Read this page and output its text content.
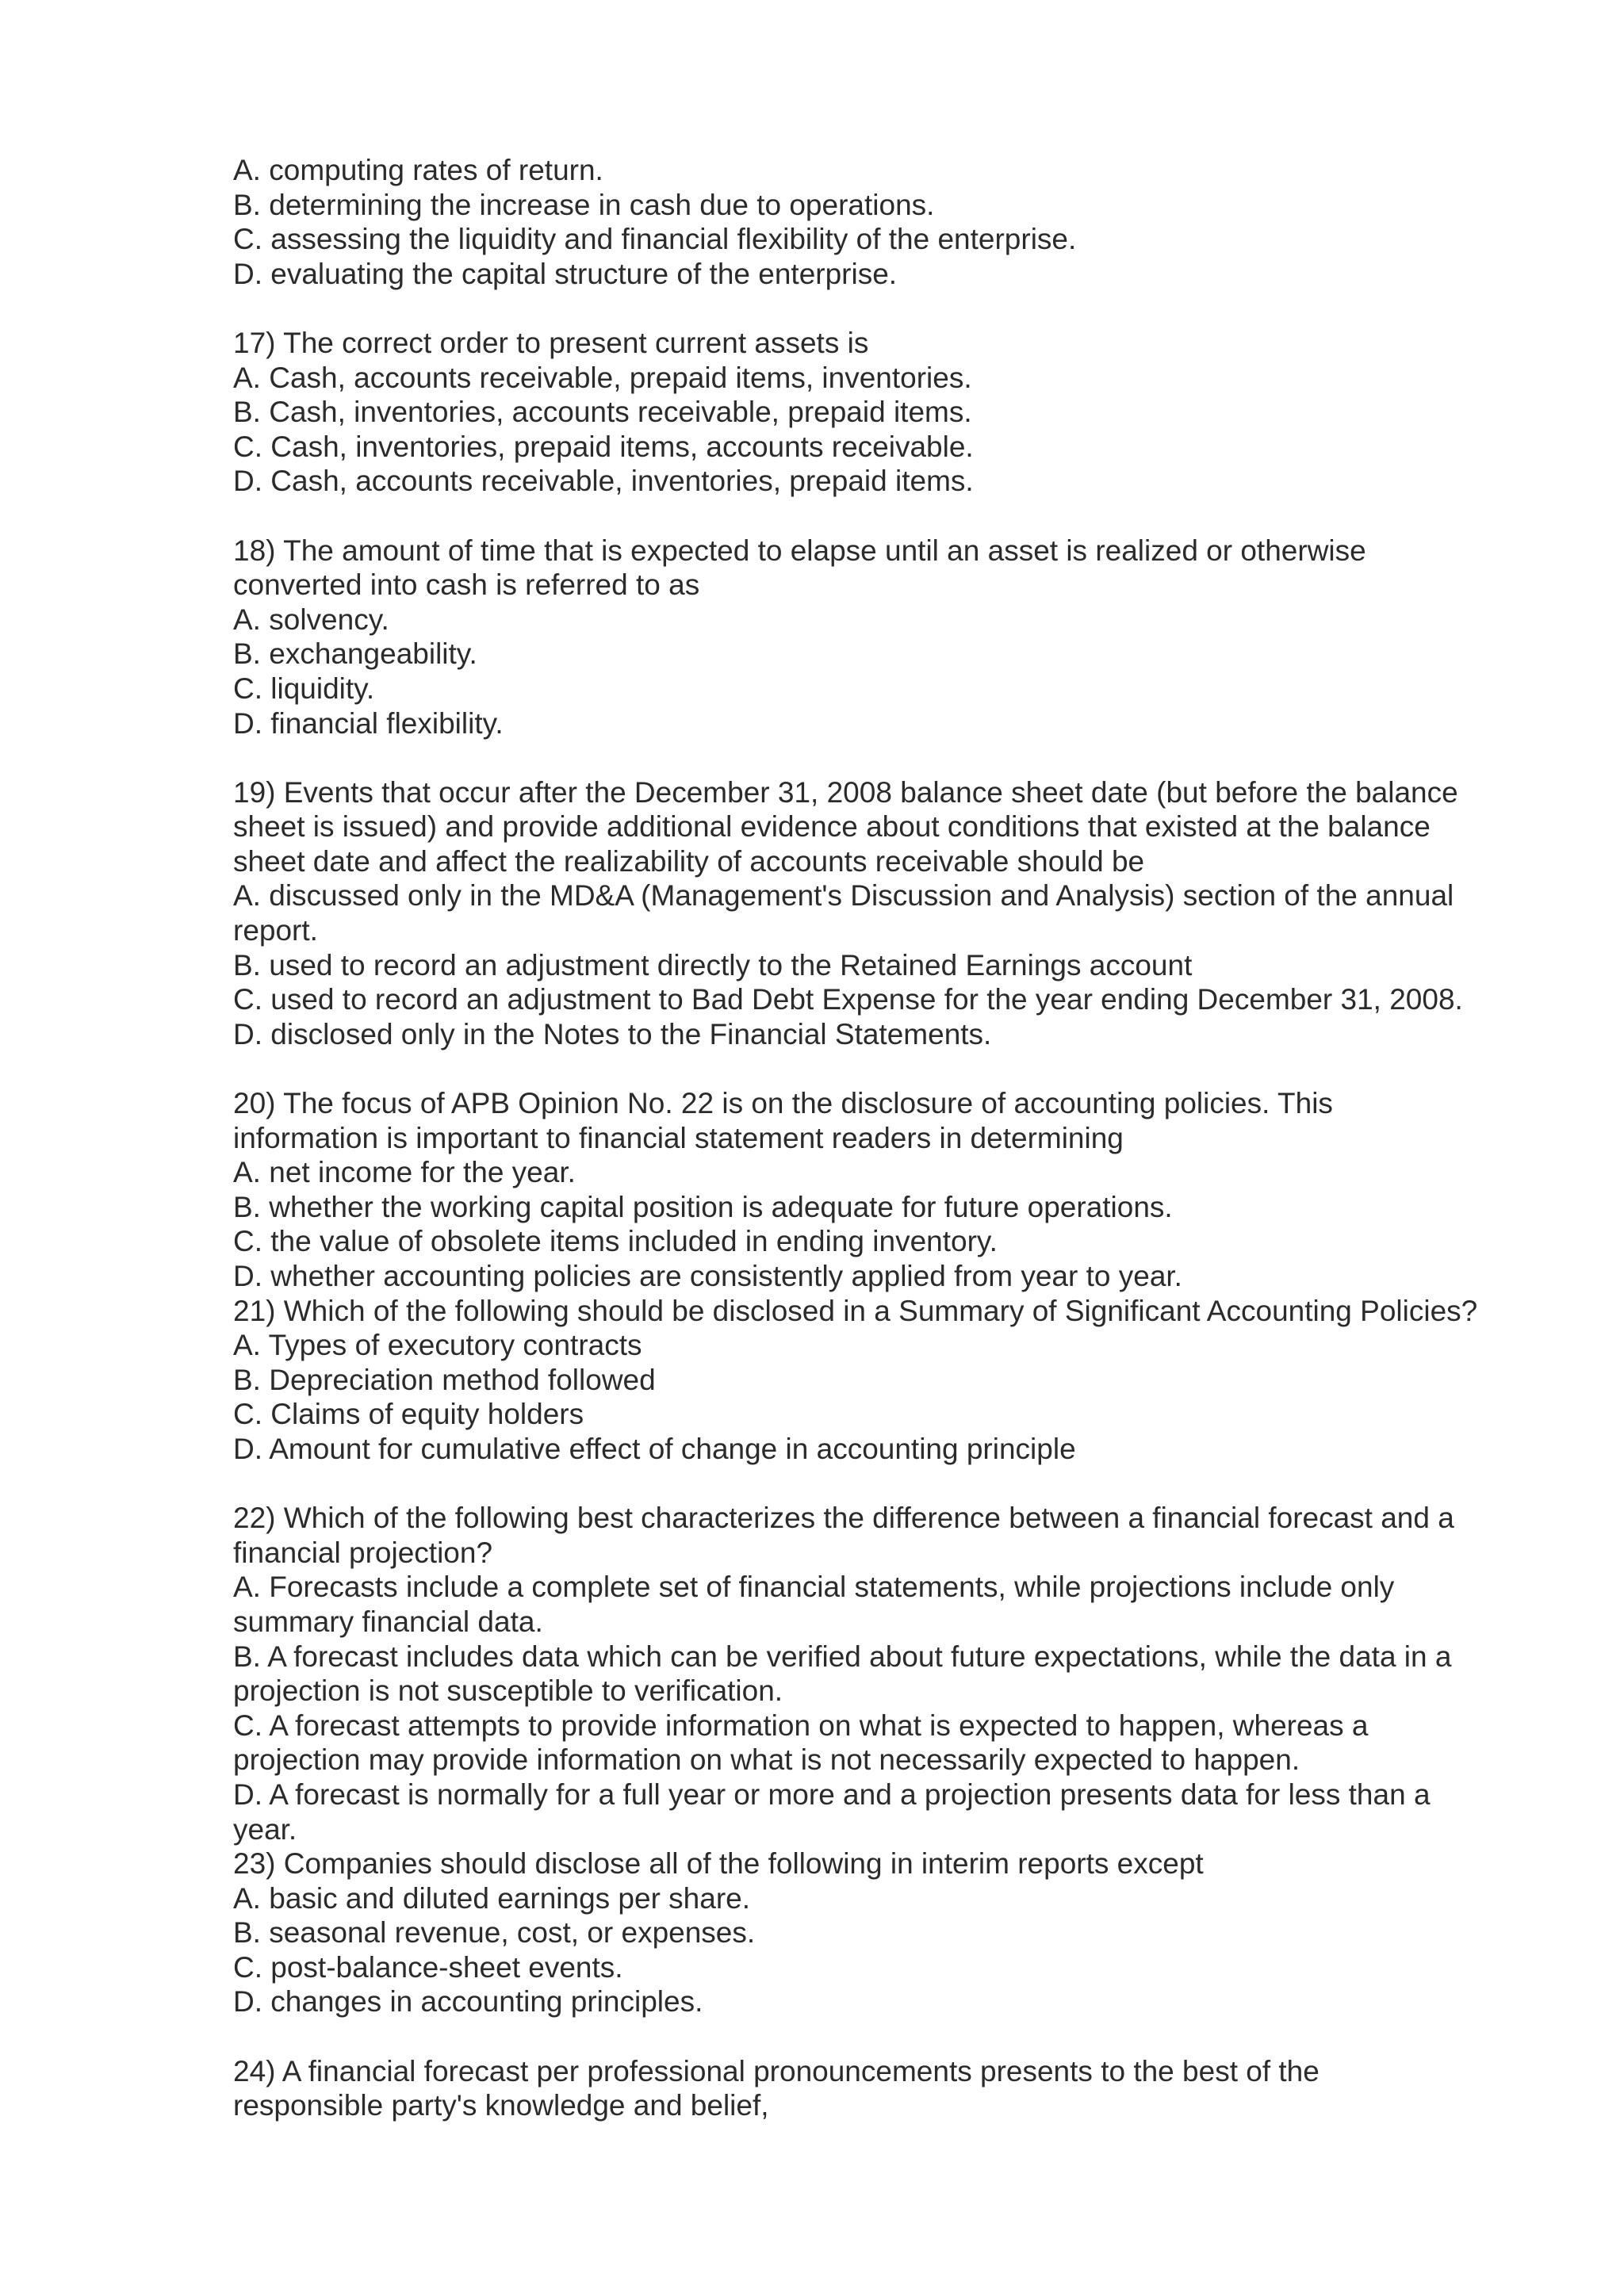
A. computing rates of return.
B. determining the increase in cash due to operations.
C. assessing the liquidity and financial flexibility of the enterprise.
D. evaluating the capital structure of the enterprise.
17) The correct order to present current assets is
A. Cash, accounts receivable, prepaid items, inventories.
B. Cash, inventories, accounts receivable, prepaid items.
C. Cash, inventories, prepaid items, accounts receivable.
D. Cash, accounts receivable, inventories, prepaid items.
18) The amount of time that is expected to elapse until an asset is realized or otherwise
converted into cash is referred to as
A. solvency.
B. exchangeability.
C. liquidity.
D. financial flexibility.
19) Events that occur after the December 31, 2008 balance sheet date (but before the balance
sheet is issued) and provide additional evidence about conditions that existed at the balance
sheet date and affect the realizability of accounts receivable should be
A. discussed only in the MD&A (Management's Discussion and Analysis) section of the annual
report.
B. used to record an adjustment directly to the Retained Earnings account
C. used to record an adjustment to Bad Debt Expense for the year ending December 31, 2008.
D. disclosed only in the Notes to the Financial Statements.
20) The focus of APB Opinion No. 22 is on the disclosure of accounting policies. This
information is important to financial statement readers in determining
A. net income for the year.
B. whether the working capital position is adequate for future operations.
C. the value of obsolete items included in ending inventory.
D. whether accounting policies are consistently applied from year to year.
21) Which of the following should be disclosed in a Summary of Significant Accounting Policies?
A. Types of executory contracts
B. Depreciation method followed
C. Claims of equity holders
D. Amount for cumulative effect of change in accounting principle
22) Which of the following best characterizes the difference between a financial forecast and a
financial projection?
A. Forecasts include a complete set of financial statements, while projections include only
summary financial data.
B. A forecast includes data which can be verified about future expectations, while the data in a
projection is not susceptible to verification.
C. A forecast attempts to provide information on what is expected to happen, whereas a
projection may provide information on what is not necessarily expected to happen.
D. A forecast is normally for a full year or more and a projection presents data for less than a
year.
23) Companies should disclose all of the following in interim reports except
A. basic and diluted earnings per share.
B. seasonal revenue, cost, or expenses.
C. post-balance-sheet events.
D. changes in accounting principles.
24) A financial forecast per professional pronouncements presents to the best of the
responsible party's knowledge and belief,
